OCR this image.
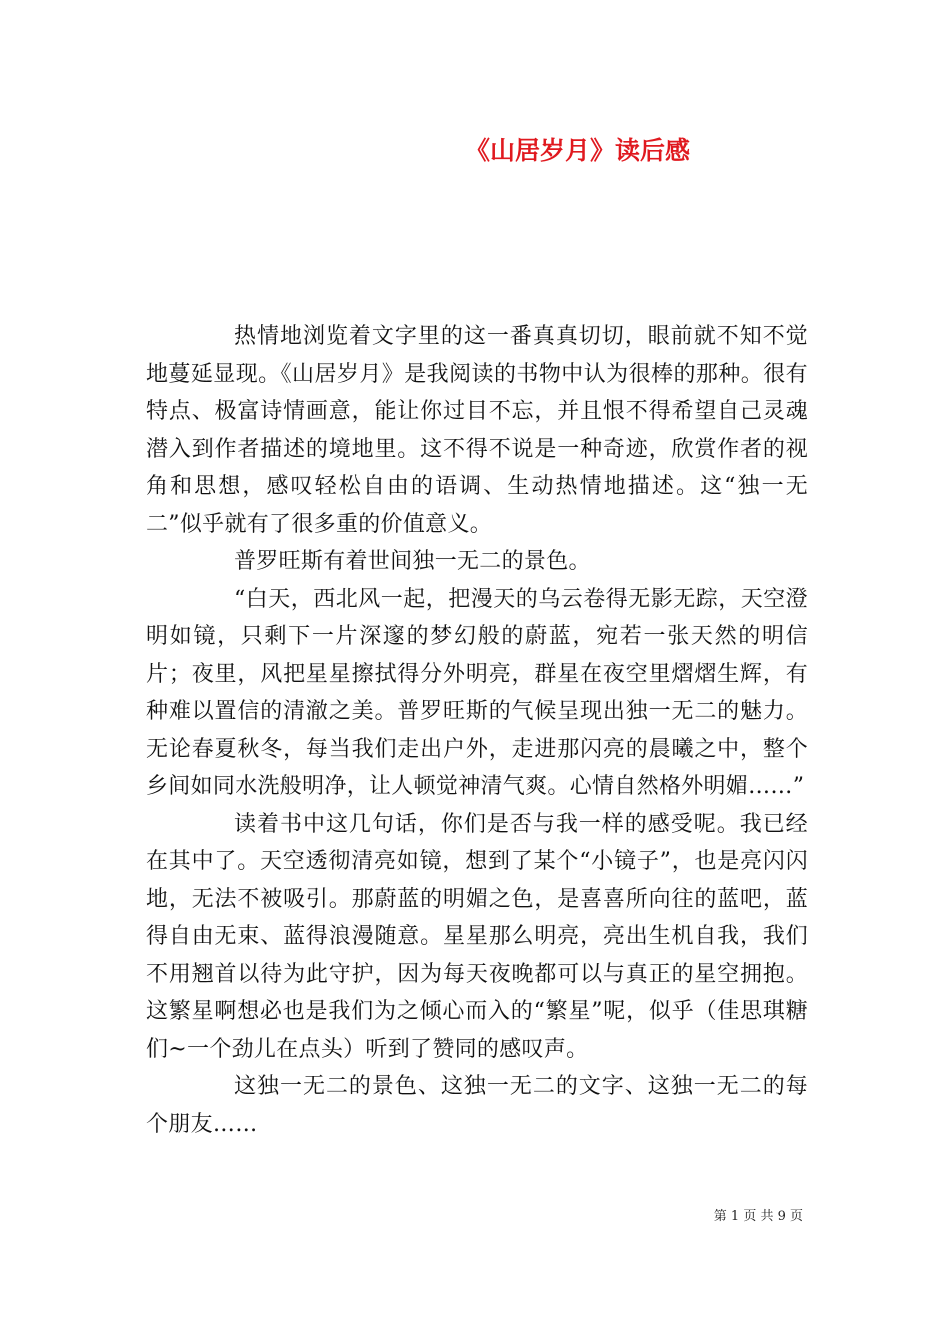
《山居岁月》读后感

热情地浏览着文字里的这一番真真切切，眼前就不知不觉地蔓延显现。《山居岁月》是我阅读的书物中认为很棒的那种。很有特点、极富诗情画意，能让你过目不忘，并且恨不得希望自己灵魂潜入到作者描述的境地里。这不得不说是一种奇迹，欣赏作者的视角和思想，感叹轻松自由的语调、生动热情地描述。这“独一无二”似乎就有了很多重的价值意义。

普罗旺斯有着世间独一无二的景色。

“白天，西北风一起，把漫天的乌云卷得无影无踪，天空澄明如镜，只剩下一片深邃的梦幻般的蔚蓝，宛若一张天然的明信片；夜里，风把星星擦拭得分外明亮，群星在夜空里熠熠生辉，有种难以置信的清澈之美。普罗旺斯的气候呈现出独一无二的魅力。无论春夏秋冬，每当我们走出户外，走进那闪亮的晨曦之中，整个乡间如同水洗般明净，让人顿觉神清气爽。心情自然格外明媚……”

读着书中这几句话，你们是否与我一样的感受呢。我已经在其中了。天空透彻清亮如镜，想到了某个“小镜子”，也是亮闪闪地，无法不被吸引。那蔚蓝的明媚之色，是喜喜所向往的蓝吧，蓝得自由无束、蓝得浪漫随意。星星那么明亮，亮出生机自我，我们不用翘首以待为此守护，因为每天夜晚都可以与真正的星空拥抱。这繁星啊想必也是我们为之倾心而入的“繁星”呢，似乎（佳思琪糖们~一个劲儿在点头）听到了赞同的感叹声。

这独一无二的景色、这独一无二的文字、这独一无二的每个朋友……

第 1 页 共 9 页
